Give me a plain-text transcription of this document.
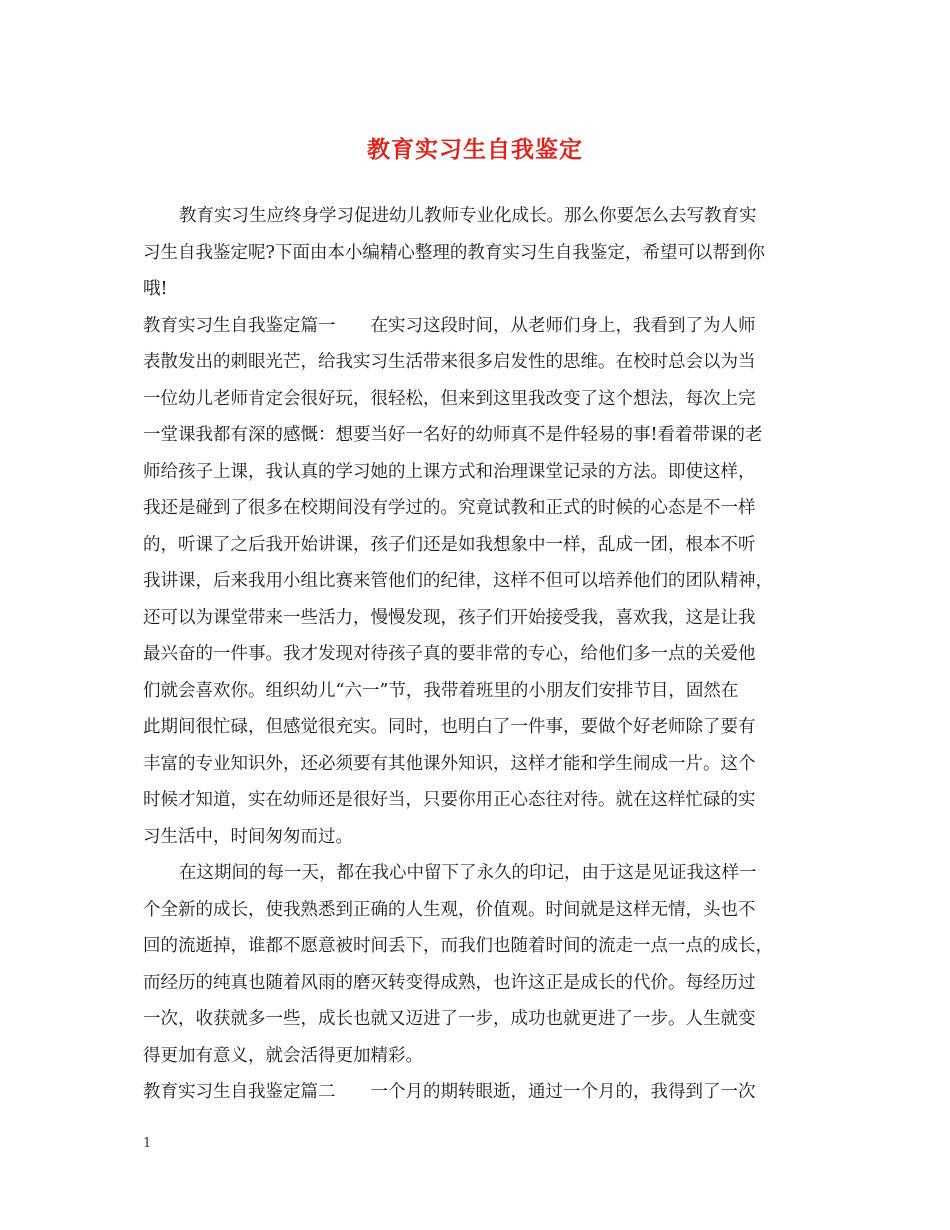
教育实习生自我鉴定
教育实习生应终身学习促进幼儿教师专业化成长。那么你要怎么去写教育实
习生自我鉴定呢?下面由本小编精心整理的教育实习生自我鉴定，希望可以帮到你
哦!
教育实习生自我鉴定篇一　　在实习这段时间，从老师们身上，我看到了为人师
表散发出的刺眼光芒，给我实习生活带来很多启发性的思维。在校时总会以为当
一位幼儿老师肯定会很好玩，很轻松，但来到这里我改变了这个想法，每次上完
一堂课我都有深的感慨：想要当好一名好的幼师真不是件轻易的事!看着带课的老
师给孩子上课，我认真的学习她的上课方式和治理课堂记录的方法。即使这样，
我还是碰到了很多在校期间没有学过的。究竟试教和正式的时候的心态是不一样
的，听课了之后我开始讲课，孩子们还是如我想象中一样，乱成一团，根本不听
我讲课，后来我用小组比赛来管他们的纪律，这样不但可以培养他们的团队精神，
还可以为课堂带来一些活力，慢慢发现，孩子们开始接受我，喜欢我，这是让我
最兴奋的一件事。我才发现对待孩子真的要非常的专心，给他们多一点的关爱他
们就会喜欢你。组织幼儿“六一”节，我带着班里的小朋友们安排节目，固然在
此期间很忙碌，但感觉很充实。同时，也明白了一件事，要做个好老师除了要有
丰富的专业知识外，还必须要有其他课外知识，这样才能和学生闹成一片。这个
时候才知道，实在幼师还是很好当，只要你用正心态往对待。就在这样忙碌的实
习生活中，时间匆匆而过。
在这期间的每一天，都在我心中留下了永久的印记，由于这是见证我这样一
个全新的成长，使我熟悉到正确的人生观，价值观。时间就是这样无情，头也不
回的流逝掉，谁都不愿意被时间丢下，而我们也随着时间的流走一点一点的成长，
而经历的纯真也随着风雨的磨灭转变得成熟，也许这正是成长的代价。每经历过
一次，收获就多一些，成长也就又迈进了一步，成功也就更进了一步。人生就变
得更加有意义，就会活得更加精彩。
教育实习生自我鉴定篇二　　一个月的期转眼逝，通过一个月的，我得到了一次
1
